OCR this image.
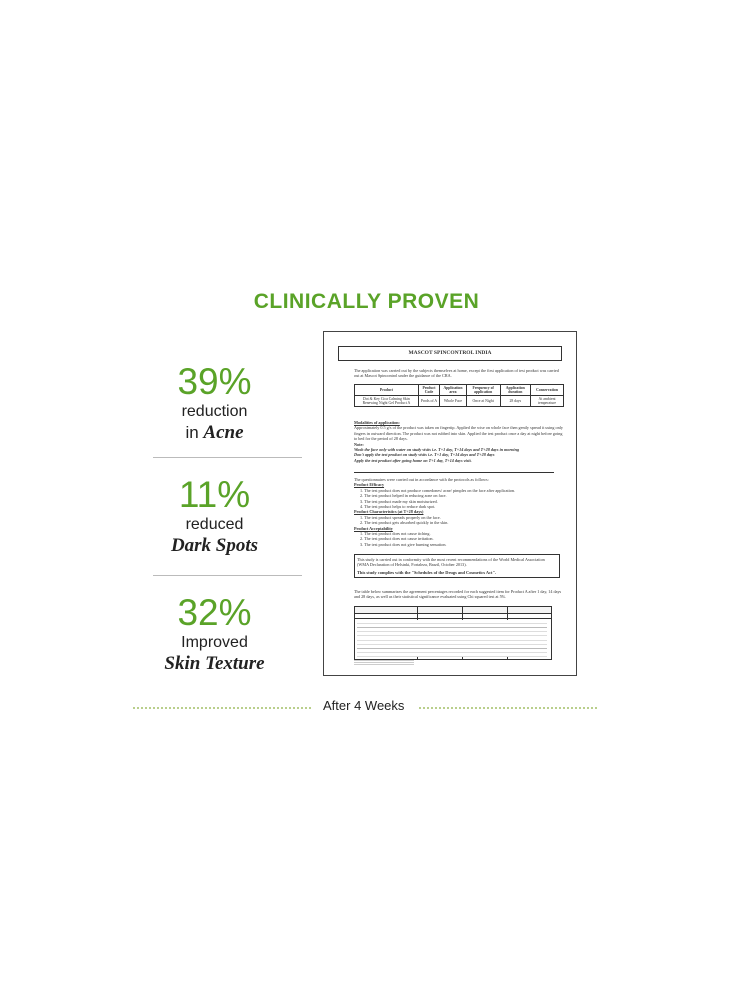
CLINICALLY PROVEN
39%
reduction
in Acne
11%
reduced
Dark Spots
32%
Improved
Skin Texture
MASCOT SPINCONTROL INDIA
The application was carried out by the subjects themselves at home, except the first application of test product was carried out at Mascot Spincontrol under the guidance of the CRA.
Product	Product Code	Application area	Frequency of application	Application duration	Conservation
Dot & Key Cica Calming Skin Renewing Night Gel Product A	Prods of A	Whole Face	Once at Night	28 days	At ambient temperature
Modalities of application:
Approximately 0.5 g/s of the product was taken on fingertip. Applied the wise on whole face then gently spread it using only fingers in outward direction. The product was not rubbed into skin. Applied the test product once a day at night before going to bed for the period of 28 days.
Note:
Wash the face only with water on study visits i.e. T+1 day, T+14 days and T+28 days in morning
Don't apply the test product on study visits i.e. T+1 day, T+14 days and T+28 days
Apply the test product after going home on T+1 day, T+14 days visit.
The questionnaires were carried out in accordance with the protocols as follows:
Product Efficacy
1. The test product does not produce comedones/ acne/ pimples on the face after application.
2. The test product helped in reducing acne on face.
3. The test product made my skin moisturized.
4. The test product helps to reduce dark spot.
Product Characteristics (at T+28 days)
1. The test product spreads properly on the face.
2. The test product gets absorbed quickly in the skin.
Product Acceptability
1. The test product does not cause itching.
2. The test product does not cause irritation.
3. The test product does not give burning sensation.
This study is carried out in conformity with the most recent recommendations of the World Medical Association (WMA Declaration of Helsinki, Fortaleza, Brazil, October 2013).
This study complies with the "Schedules of the Drugs and Cosmetics Act".
The table below summarizes the agreement percentages recorded for each suggested item for Product A after 1 day, 14 days and 28 days, as well as their statistical significance evaluated using Chi squared test at 5%.
After 4 Weeks
